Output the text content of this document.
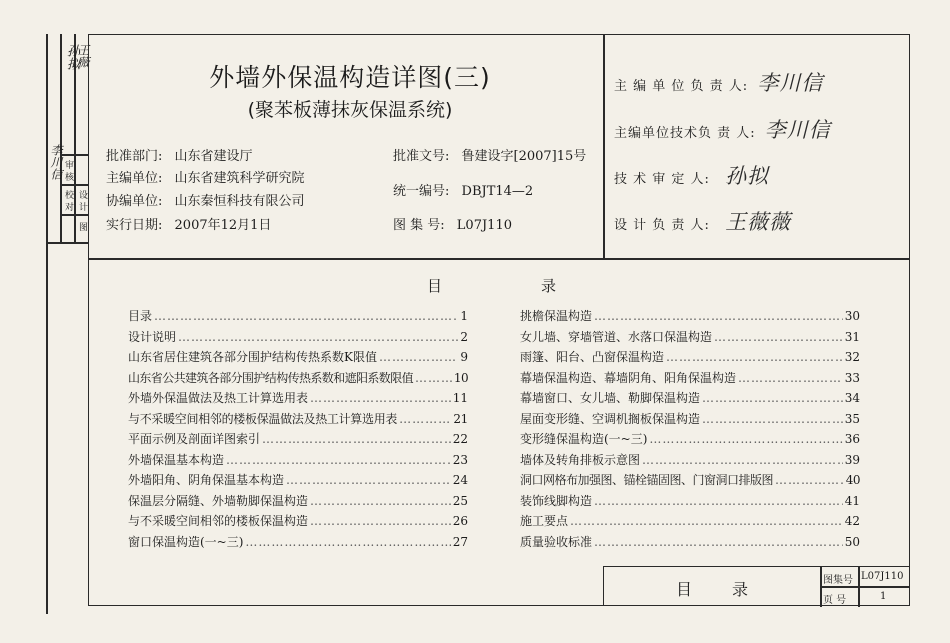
孙拟
李川信
王薇
审
核
校
对
设
计
图
外墙外保温构造详图(三)
(聚苯板薄抹灰保温系统)
批准部门: 山东省建设厅
主编单位: 山东省建筑科学研究院
协编单位: 山东秦恒科技有限公司
实行日期: 2007年12月1日
批准文号: 鲁建设字[2007]15号
统一编号: DBJT14—2
图 集 号: L07J110
主 编 单 位 负 责 人: 李川信
主编单位技术负 责 人: 李川信
技 术 审 定 人: 孙拟
设 计 负 责 人: 王薇薇
目	录
目录 ……………………………………………………………………………………………………………………………………………………………	1
设计说明 ……………………………………………………………………………………………………………………………………………………………	2
山东省居住建筑各部分围护结构传热系数K限值 ……………………………………………………………………………………………………………………………………………………………	9
山东省公共建筑各部分围护结构传热系数和遮阳系数限值 ……………………………………………………………………………………………………………………………………………………………	10
外墙外保温做法及热工计算选用表 ……………………………………………………………………………………………………………………………………………………………	11
与不采暖空间相邻的楼板保温做法及热工计算选用表 ……………………………………………………………………………………………………………………………………………………………	21
平面示例及剖面详图索引 ……………………………………………………………………………………………………………………………………………………………	22
外墙保温基本构造 ……………………………………………………………………………………………………………………………………………………………	23
外墙阳角、阴角保温基本构造 ……………………………………………………………………………………………………………………………………………………………	24
保温层分隔缝、外墙勒脚保温构造 ……………………………………………………………………………………………………………………………………………………………	25
与不采暖空间相邻的楼板保温构造 ……………………………………………………………………………………………………………………………………………………………	26
窗口保温构造(一~三) ……………………………………………………………………………………………………………………………………………………………	27
挑檐保温构造 ……………………………………………………………………………………………………………………………………………………………	30
女儿墙、穿墙管道、水落口保温构造 ……………………………………………………………………………………………………………………………………………………………	31
雨篷、阳台、凸窗保温构造 ……………………………………………………………………………………………………………………………………………………………	32
幕墙保温构造、幕墙阴角、阳角保温构造 ……………………………………………………………………………………………………………………………………………………………	33
幕墙窗口、女儿墙、勒脚保温构造 ……………………………………………………………………………………………………………………………………………………………	34
屋面变形缝、空调机搁板保温构造 ……………………………………………………………………………………………………………………………………………………………	35
变形缝保温构造(一~三) ……………………………………………………………………………………………………………………………………………………………	36
墙体及转角排板示意图 ……………………………………………………………………………………………………………………………………………………………	39
洞口网格布加强图、锚栓锚固图、门窗洞口排版图 ……………………………………………………………………………………………………………………………………………………………	40
装饰线脚构造 ……………………………………………………………………………………………………………………………………………………………	41
施工要点 ……………………………………………………………………………………………………………………………………………………………	42
质量验收标准 ……………………………………………………………………………………………………………………………………………………………	50
目录	图集号 L07J110
页 号	1
